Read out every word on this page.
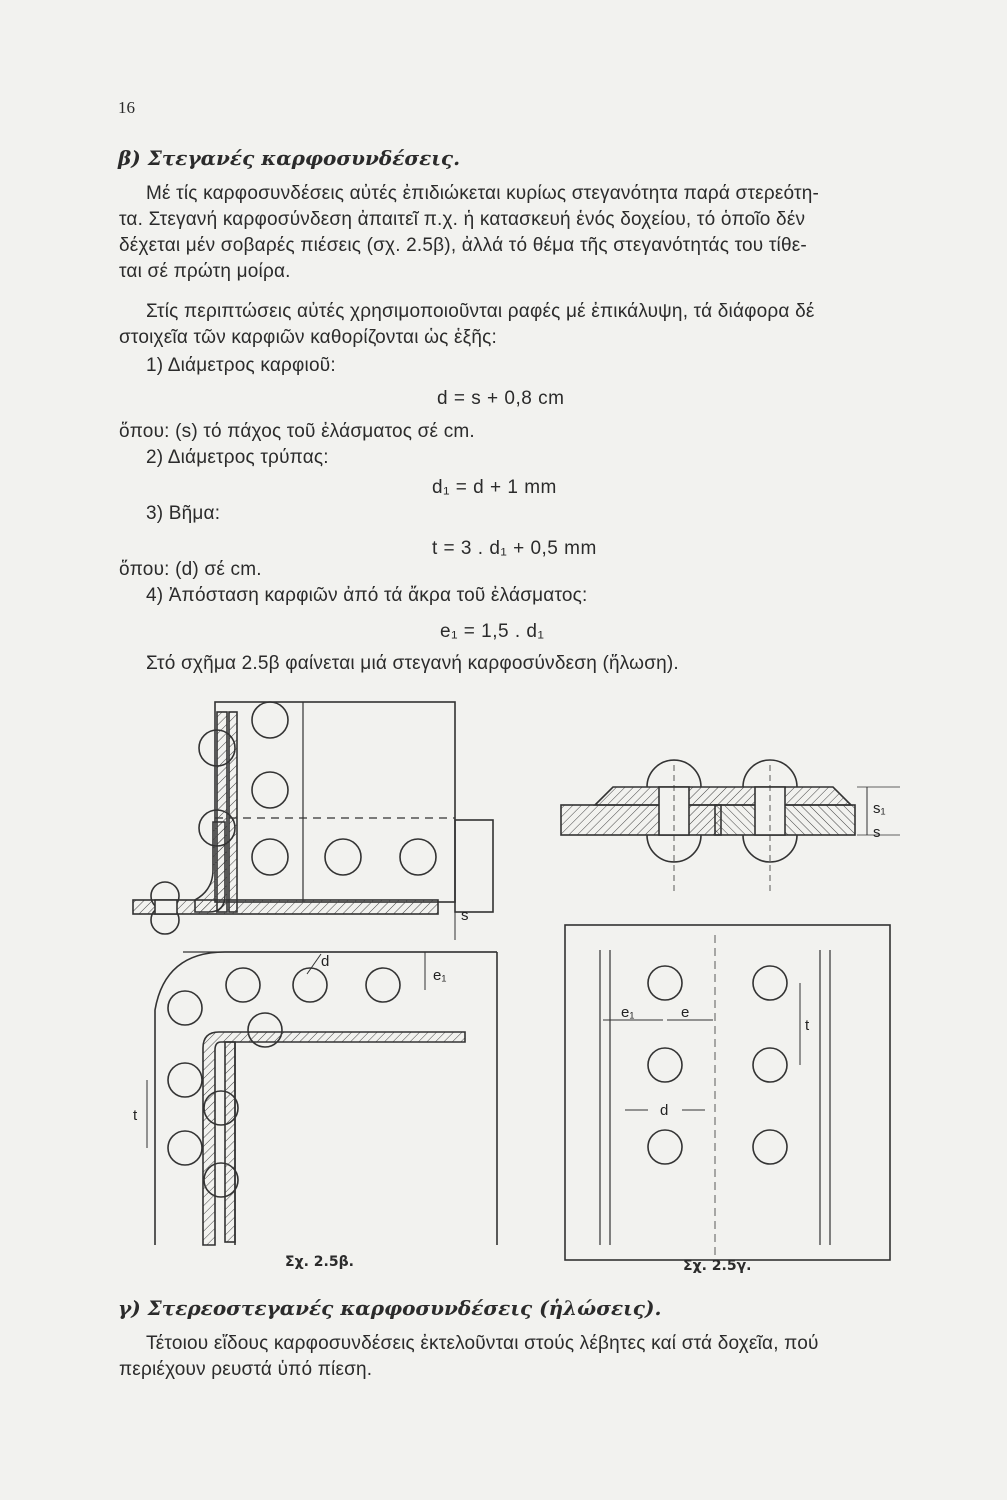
16
β) Στεγανές καρφοσυνδέσεις.
Μέ τίς καρφοσυνδέσεις αὐτές ἐπιδιώκεται κυρίως στεγανότητα παρά στερεότη-
τα. Στεγανή καρφοσύνδεση ἀπαιτεῖ π.χ. ἡ κατασκευή ἑνός δοχείου, τό ὁποῖο δέν
δέχεται μέν σοβαρές πιέσεις (σχ. 2.5β), ἀλλά τό θέμα τῆς στεγανότητάς του τίθε-
ται σέ πρώτη μοίρα.
Στίς περιπτώσεις αὐτές χρησιμοποιοῦνται ραφές μέ ἐπικάλυψη, τά διάφορα δέ
στοιχεῖα τῶν καρφιῶν καθορίζονται ὡς ἑξῆς:
1) Διάμετρος καρφιοῦ:
d = s + 0,8 cm
ὅπου: (s) τό πάχος τοῦ ἐλάσματος σέ cm.
2) Διάμετρος τρύπας:
d₁ = d + 1 mm
3) Βῆμα:
t = 3 . d₁ + 0,5 mm
ὅπου: (d) σέ cm.
4) Ἀπόσταση καρφιῶν ἀπό τά ἄκρα τοῦ ἐλάσματος:
e₁ = 1,5 . d₁
Στό σχῆμα 2.5β φαίνεται μιά στεγανή καρφοσύνδεση (ἥλωση).
s
t
e₁
d
Σχ. 2.5β.
s₁
s
e₁	e
t
d
Σχ. 2.5γ.
γ) Στερεοστεγανές καρφοσυνδέσεις (ἡλώσεις).
Τέτοιου εἴδους καρφοσυνδέσεις ἐκτελοῦνται στούς λέβητες καί στά δοχεῖα, πού
περιέχουν ρευστά ὑπό πίεση.
